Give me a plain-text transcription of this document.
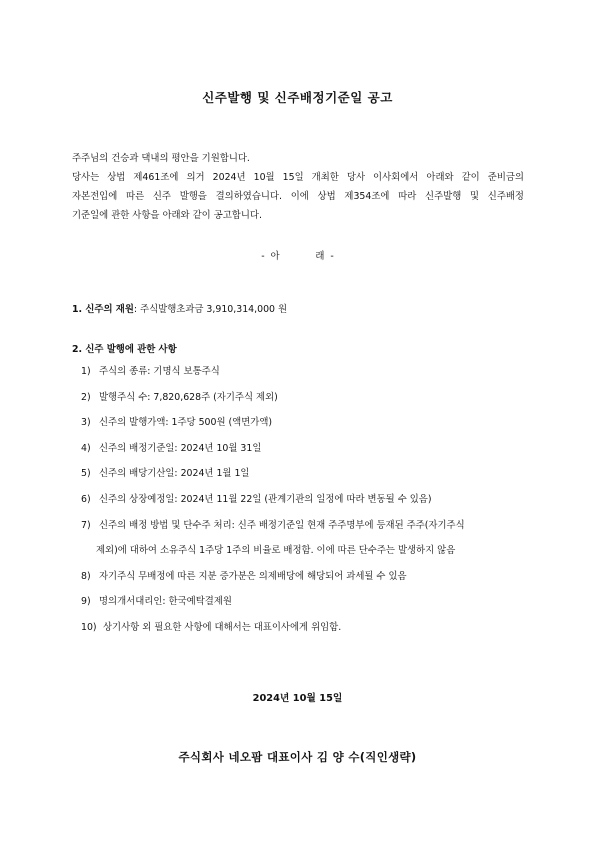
신주발행 및 신주배정기준일 공고
주주님의 건승과 댁내의 평안을 기원합니다.
당사는 상법 제461조에 의거 2024년 10월 15일 개최한 당사 이사회에서 아래와 같이 준비금의
자본전입에 따른 신주 발행을 결의하였습니다. 이에 상법 제354조에 따라 신주발행 및 신주배정
기준일에 관한 사항을 아래와 같이 공고합니다.
-  아            래  -
1. 신주의 재원: 주식발행초과금 3,910,314,000 원
2. 신주 발행에 관한 사항
1) 주식의 종류: 기명식 보통주식
2) 발행주식 수: 7,820,628주 (자기주식 제외)
3) 신주의 발행가액: 1주당 500원 (액면가액)
4) 신주의 배정기준일: 2024년 10월 31일
5) 신주의 배당기산일: 2024년 1월 1일
6) 신주의 상장예정일: 2024년 11월 22일 (관계기관의 일정에 따라 변동될 수 있음)
7) 신주의 배정 방법 및 단수주 처리: 신주 배정기준일 현재 주주명부에 등재된 주주(자기주식
제외)에 대하여 소유주식 1주당 1주의 비율로 배정함. 이에 따른 단수주는 발생하지 않음
8) 자기주식 무배정에 따른 지분 증가분은 의제배당에 해당되어 과세될 수 있음
9) 명의개서대리인: 한국예탁결제원
10) 상기사항 외 필요한 사항에 대해서는 대표이사에게 위임함.
2024년 10월 15일
주식회사 네오팜 대표이사 김 양 수(직인생략)
